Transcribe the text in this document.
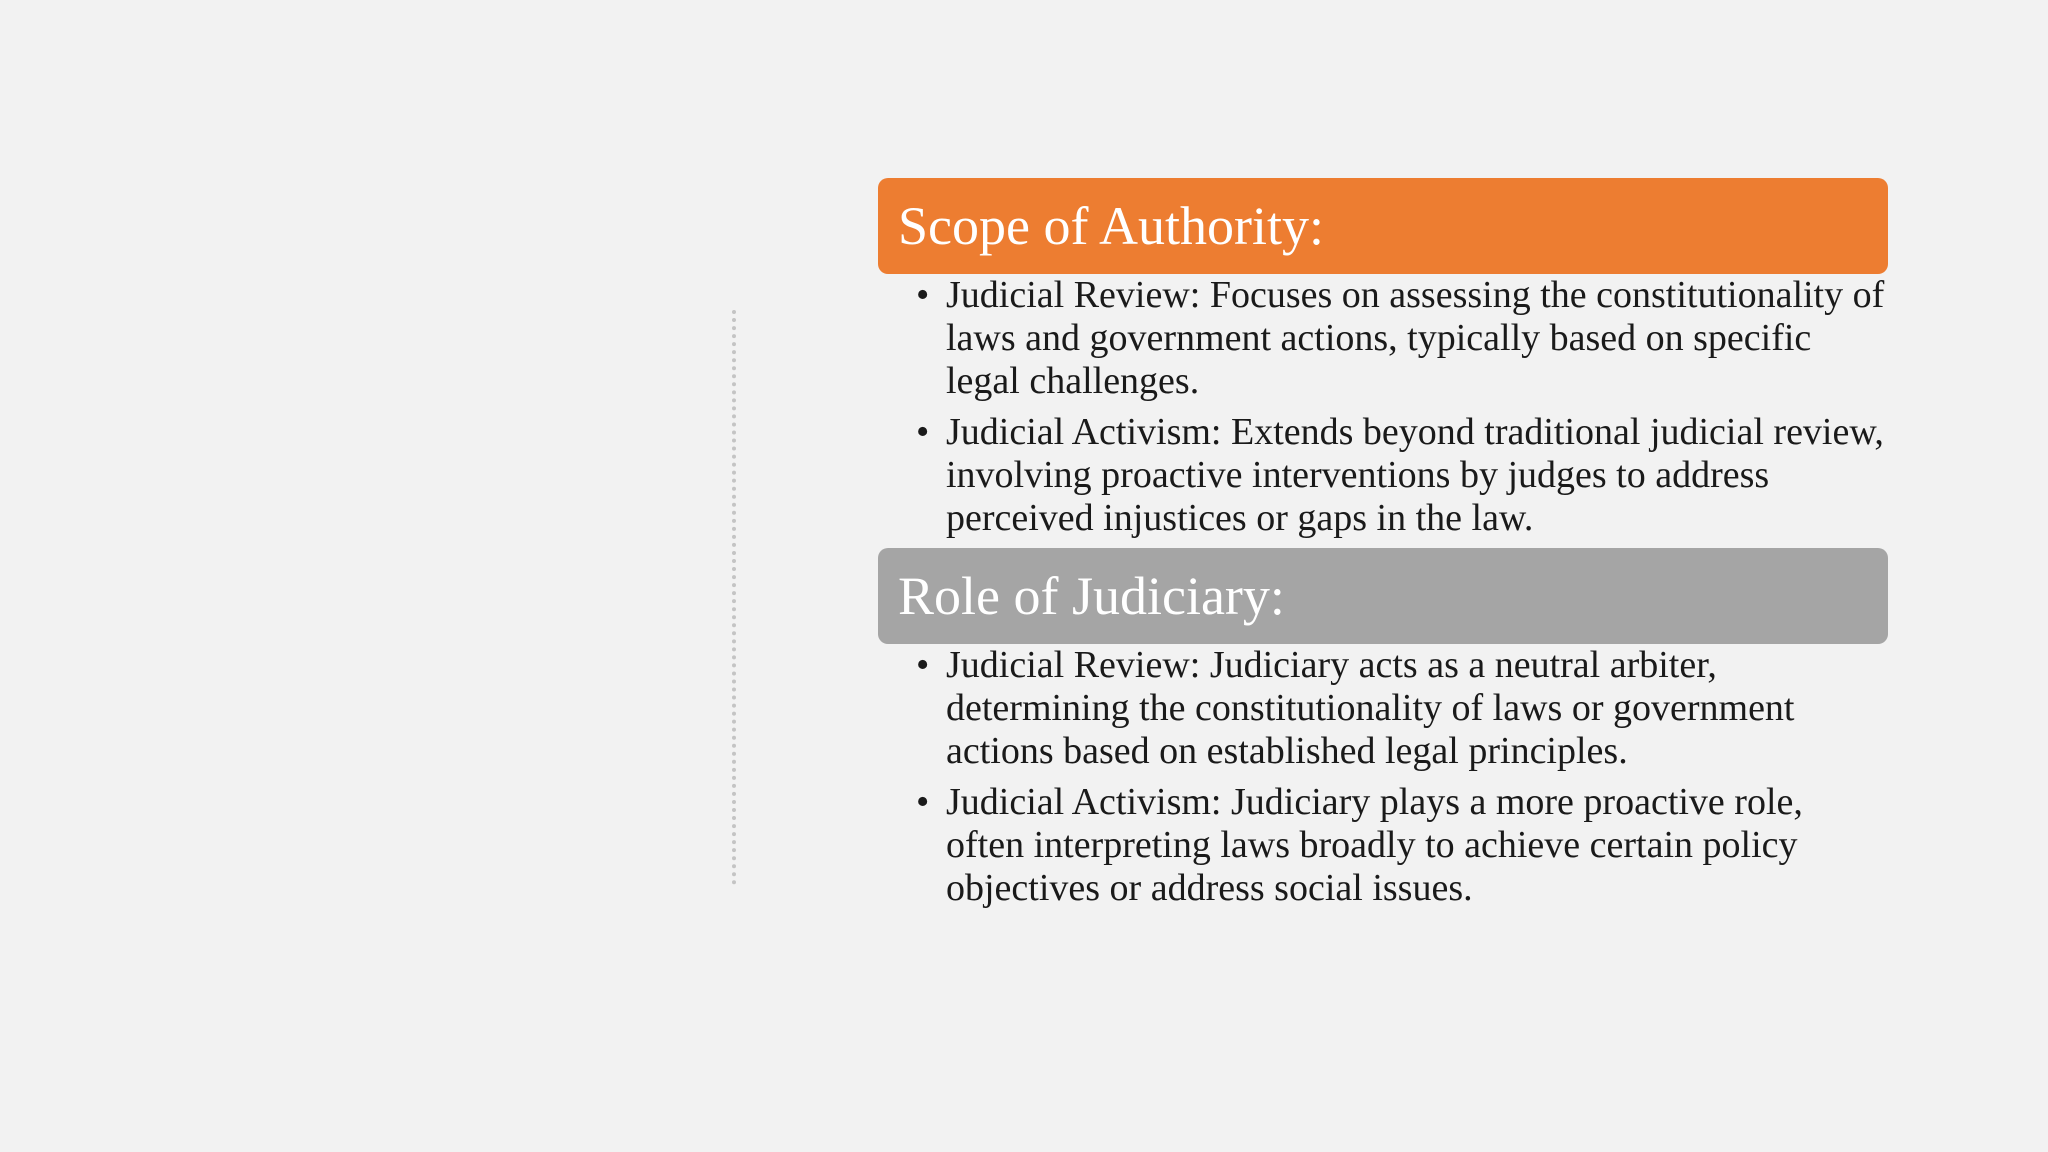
Scope of Authority:
• Judicial Review: Focuses on assessing the constitutionality of laws and government actions, typically based on specific legal challenges.
• Judicial Activism: Extends beyond traditional judicial review, involving proactive interventions by judges to address perceived injustices or gaps in the law.
Role of Judiciary:
• Judicial Review: Judiciary acts as a neutral arbiter, determining the constitutionality of laws or government actions based on established legal principles.
• Judicial Activism: Judiciary plays a more proactive role, often interpreting laws broadly to achieve certain policy objectives or address social issues.
